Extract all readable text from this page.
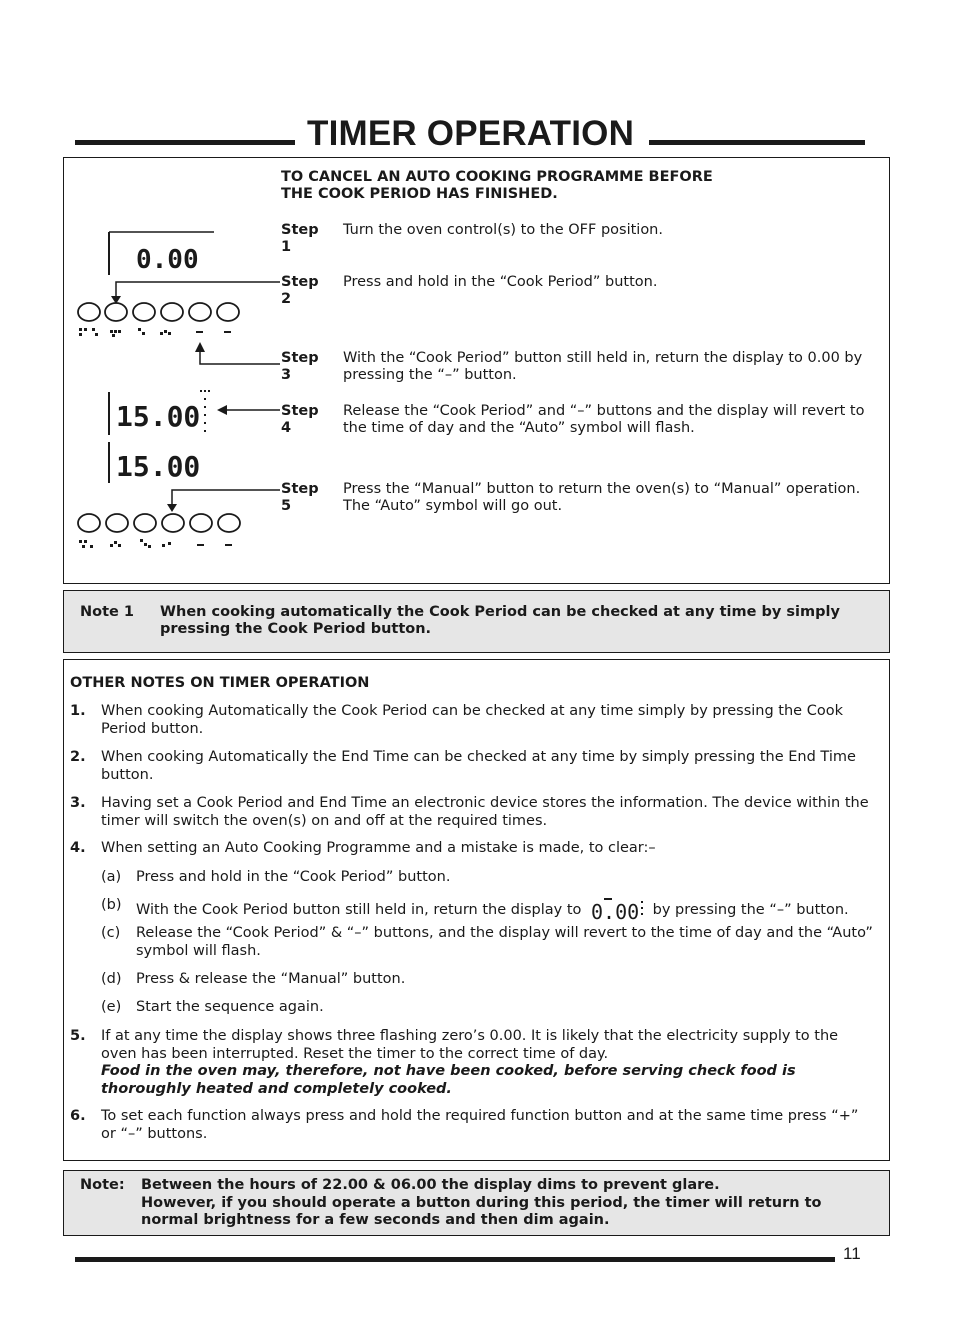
TIMER OPERATION
TO CANCEL AN AUTO COOKING PROGRAMME BEFORE
THE COOK PERIOD HAS FINISHED.
Step 1
Turn the oven control(s) to the OFF position.
Step 2
Press and hold in the “Cook Period” button.
Step 3
With the “Cook Period” button still held in, return the display to 0.00 by pressing the “–” button.
Step 4
Release the “Cook Period” and “–” buttons and the display will revert to the time of day and the “Auto” symbol will flash.
Step 5
Press the “Manual” button to return the oven(s) to “Manual” operation. The “Auto” symbol will go out.
0.00
15.00
15.00
Note 1 When cooking automatically the Cook Period can be checked at any time by simply pressing the Cook Period button.
OTHER NOTES ON TIMER OPERATION
1. When cooking Automatically the Cook Period can be checked at any time simply by pressing the Cook Period button.
2. When cooking Automatically the End Time can be checked at any time by simply pressing the End Time button.
3. Having set a Cook Period and End Time an electronic device stores the information. The device within the timer will switch the oven(s) on and off at the required times.
4. When setting an Auto Cooking Programme and a mistake is made, to clear:–
(a) Press and hold in the “Cook Period” button.
(b) With the Cook Period button still held in, return the display to 0.00 by pressing the “–” button.
(c) Release the “Cook Period” & “–” buttons, and the display will revert to the time of day and the “Auto” symbol will flash.
(d) Press & release the “Manual” button.
(e) Start the sequence again.
5. If at any time the display shows three flashing zero’s 0.00. It is likely that the electricity supply to the oven has been interrupted. Reset the timer to the correct time of day.
Food in the oven may, therefore, not have been cooked, before serving check food is thoroughly heated and completely cooked.
6. To set each function always press and hold the required function button and at the same time press “+” or “–” buttons.
Note: Between the hours of 22.00 & 06.00 the display dims to prevent glare.
However, if you should operate a button during this period, the timer will return to normal brightness for a few seconds and then dim again.
11
